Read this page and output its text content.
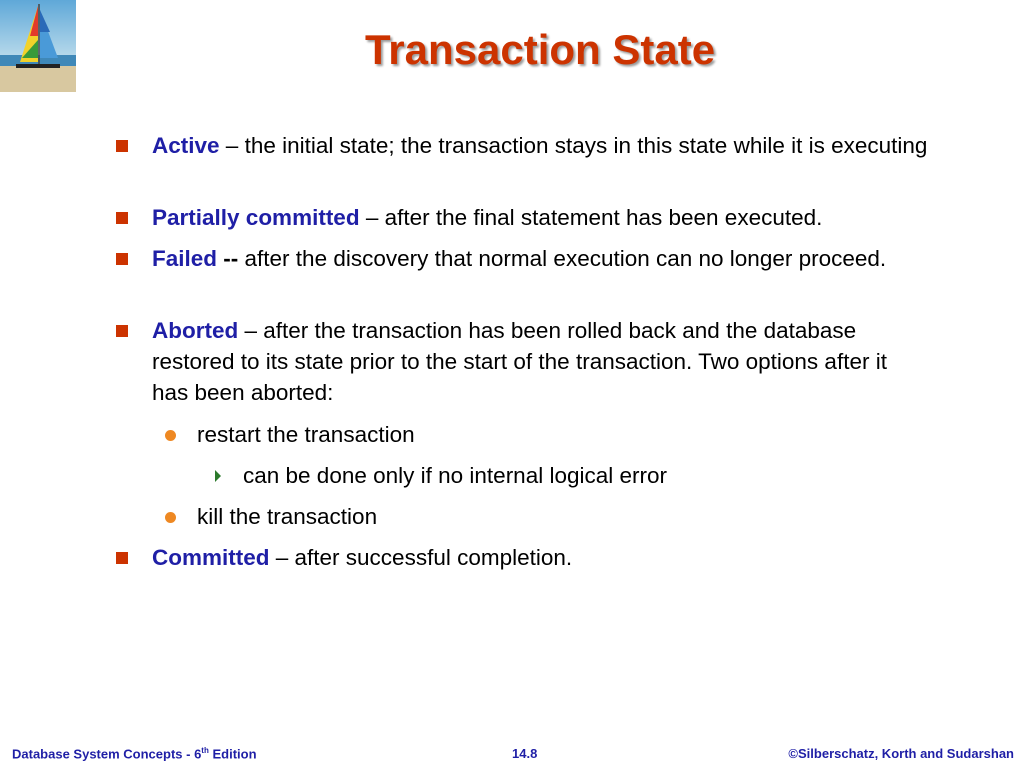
Transaction State
Active – the initial state; the transaction stays in this state while it is executing
Partially committed – after the final statement has been executed.
Failed -- after the discovery that normal execution can no longer proceed.
Aborted – after the transaction has been rolled back and the database restored to its state prior to the start of the transaction. Two options after it has been aborted:
restart the transaction
can be done only if no internal logical error
kill the transaction
Committed – after successful completion.
Database System Concepts - 6th Edition	14.8	©Silberschatz, Korth and Sudarshan
